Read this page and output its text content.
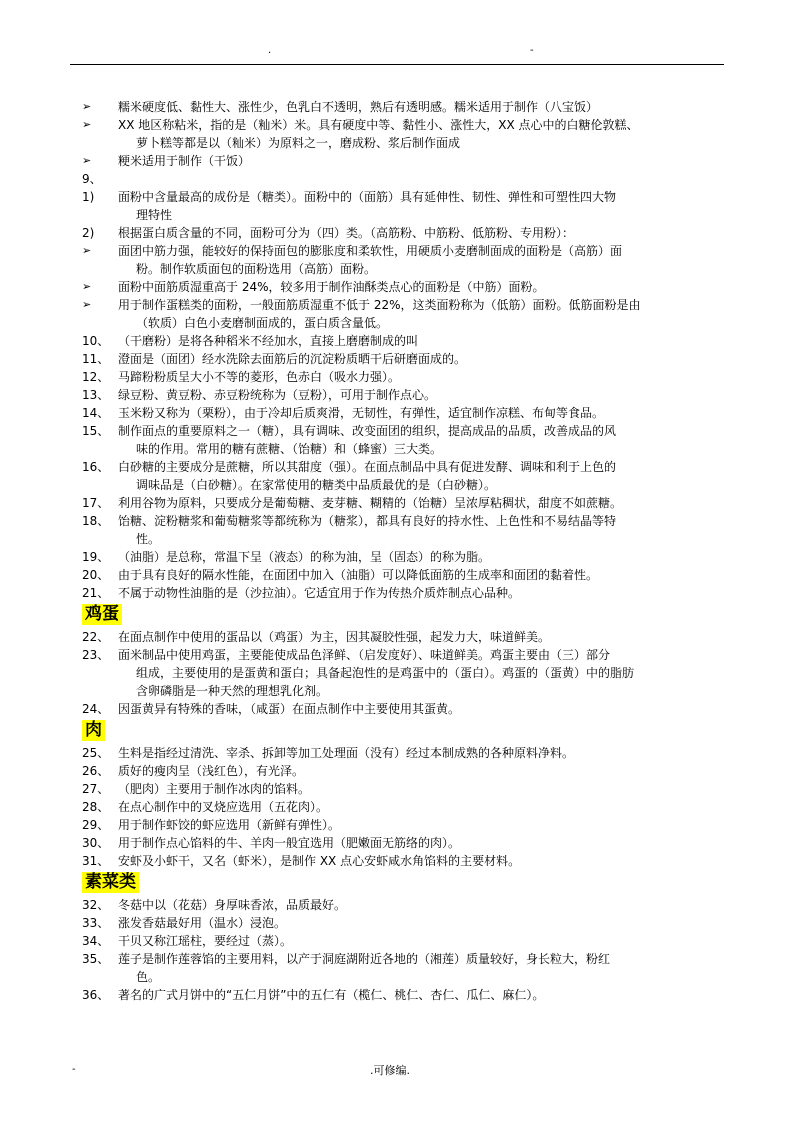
.	-
➢	糯米硬度低、黏性大、涨性少，色乳白不透明，熟后有透明感。糯米适用于制作（八宝饭）
➢	XX 地区称粘米，指的是（籼米）米。具有硬度中等、黏性小、涨性大，XX 点心中的白糖伦敦糕、
萝卜糕等都是以（籼米）为原料之一，磨成粉、浆后制作面成
➢	粳米适用于制作（干饭）
9、
1)	面粉中含量最高的成份是（糖类）。面粉中的（面筋）具有延伸性、韧性、弹性和可塑性四大物
理特性
2)	根据蛋白质含量的不同，面粉可分为（四）类。（高筋粉、中筋粉、低筋粉、专用粉）：
➢	面团中筋力强，能较好的保持面包的膨胀度和柔软性，用硬质小麦磨制面成的面粉是（高筋）面
粉。制作软质面包的面粉选用（高筋）面粉。
➢	面粉中面筋质湿重高于 24%，较多用于制作油酥类点心的面粉是（中筋）面粉。
➢	用于制作蛋糕类的面粉，一般面筋质湿重不低于 22%，这类面粉称为（低筋）面粉。低筋面粉是由
（软质）白色小麦磨制面成的，蛋白质含量低。
10、 （干磨粉）是将各种稻米不经加水，直接上磨磨制成的叫
11、 澄面是（面团）经水洗除去面筋后的沉淀粉质晒干后研磨面成的。
12、 马蹄粉粉质呈大小不等的菱形，色赤白（吸水力强）。
13、 绿豆粉、黄豆粉、赤豆粉统称为（豆粉），可用于制作点心。
14、 玉米粉又称为（栗粉），由于冷却后质爽滑，无韧性，有弹性，适宜制作凉糕、布甸等食品。
15、 制作面点的重要原料之一（糖），具有调味、改变面团的组织，提高成品的品质，改善成品的风
味的作用。常用的糖有蔗糖、（饴糖）和（蜂蜜）三大类。
16、 白砂糖的主要成分是蔗糖，所以其甜度（强）。在面点制品中具有促进发酵、调味和利于上色的
调味品是（白砂糖）。在家常使用的糖类中品质最优的是（白砂糖）。
17、 利用谷物为原料，只要成分是葡萄糖、麦芽糖、糊精的（饴糖）呈浓厚粘稠状，甜度不如蔗糖。
18、 饴糖、淀粉糖浆和葡萄糖浆等都统称为（糖浆），都具有良好的持水性、上色性和不易结晶等特
性。
19、 （油脂）是总称，常温下呈（液态）的称为油，呈（固态）的称为脂。
20、 由于具有良好的隔水性能，在面团中加入（油脂）可以降低面筋的生成率和面团的黏着性。
21、 不属于动物性油脂的是（沙拉油）。它适宜用于作为传热介质炸制点心品种。
鸡蛋
22、 在面点制作中使用的蛋品以（鸡蛋）为主，因其凝胶性强，起发力大，味道鲜美。
23、 面米制品中使用鸡蛋，主要能使成品色泽鲜、（启发度好）、味道鲜美。鸡蛋主要由（三）部分
组成，主要使用的是蛋黄和蛋白；具备起泡性的是鸡蛋中的（蛋白）。鸡蛋的（蛋黄）中的脂肪
含卵磷脂是一种天然的理想乳化剂。
24、 因蛋黄异有特殊的香味，（咸蛋）在面点制作中主要使用其蛋黄。
肉
25、 生料是指经过清洗、宰杀、拆卸等加工处理面（没有）经过本制成熟的各种原料净料。
26、 质好的瘦肉呈（浅红色），有光泽。
27、 （肥肉）主要用于制作冰肉的馅料。
28、 在点心制作中的叉烧应选用（五花肉）。
29、 用于制作虾饺的虾应选用（新鲜有弹性）。
30、 用于制作点心馅料的牛、羊肉一般宜选用（肥嫩面无筋络的肉）。
31、 安虾及小虾干，又名（虾米），是制作 XX 点心安虾咸水角馅料的主要材料。
素菜类
32、 冬菇中以（花菇）身厚味香浓，品质最好。
33、 涨发香菇最好用（温水）浸泡。
34、 干贝又称江瑶柱，要经过（蒸）。
35、 莲子是制作莲蓉馅的主要用料，以产于洞庭湖附近各地的（湘莲）质量较好，身长粒大，粉红
色。
36、 著名的广式月饼中的“五仁月饼”中的五仁有（榄仁、桃仁、杏仁、瓜仁、麻仁）。
-	.可修编.
